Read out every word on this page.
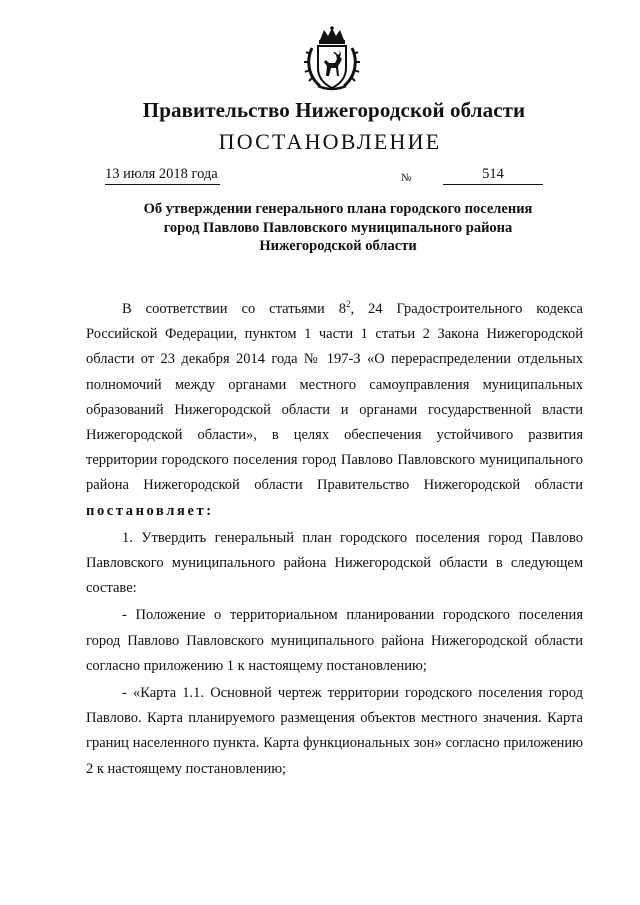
Правительство Нижегородской области
ПОСТАНОВЛЕНИЕ
13 июля 2018 года	№	514
Об утверждении генерального плана городского поселения
город Павлово Павловского муниципального района
Нижегородской области

В соответствии со статьями $8^2$, 24 Градостроительного кодекса Российской Федерации, пунктом 1 части 1 статьи 2 Закона Нижегородской области от 23 декабря 2014 года № 197-З «О перераспределении отдельных полномочий между органами местного самоуправления муниципальных образований Нижегородской области и органами государственной власти Нижегородской области», в целях обеспечения устойчивого развития территории городского поселения город Павлово Павловского муниципального района Нижегородской области Правительство Нижегородской области постановляет:

1. Утвердить генеральный план городского поселения город Павлово Павловского муниципального района Нижегородской области в следующем составе:

- Положение о территориальном планировании городского поселения город Павлово Павловского муниципального района Нижегородской области согласно приложению 1 к настоящему постановлению;

- «Карта 1.1. Основной чертеж территории городского поселения город Павлово. Карта планируемого размещения объектов местного значения. Карта границ населенного пункта. Карта функциональных зон» согласно приложению 2 к настоящему постановлению;
